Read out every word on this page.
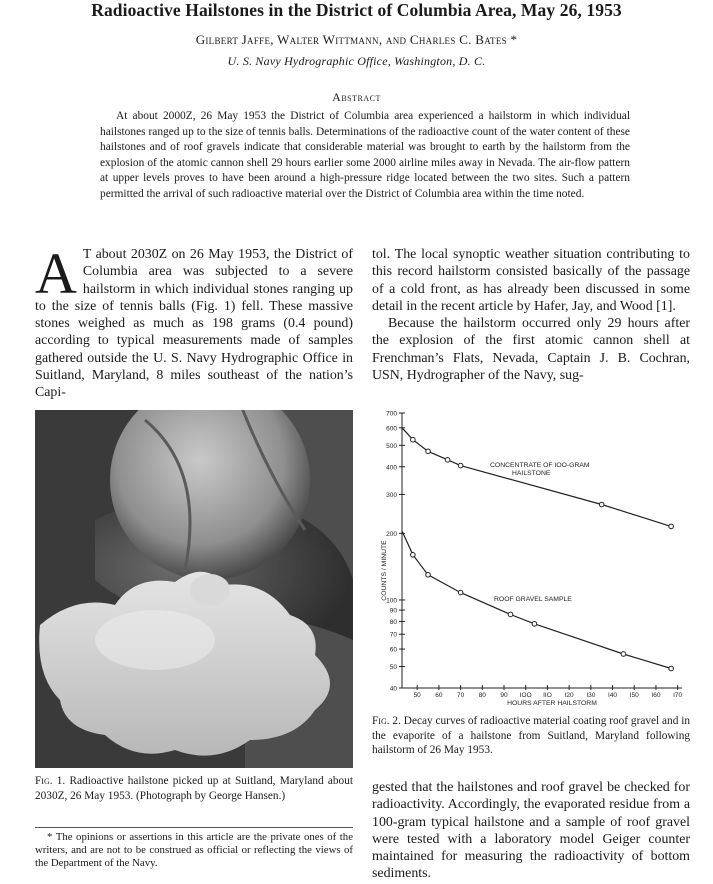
Radioactive Hailstones in the District of Columbia Area, May 26, 1953
Gilbert Jaffe, Walter Wittmann, and Charles C. Bates *
U. S. Navy Hydrographic Office, Washington, D. C.
Abstract

At about 2000Z, 26 May 1953 the District of Columbia area experienced a hailstorm in which individual hailstones ranged up to the size of tennis balls. Determinations of the radioactive count of the water content of these hailstones and of roof gravels indicate that considerable material was brought to earth by the hailstorm from the explosion of the atomic cannon shell 29 hours earlier some 2000 airline miles away in Nevada. The air-flow pattern at upper levels proves to have been around a high-pressure ridge located between the two sites. Such a pattern permitted the arrival of such radioactive material over the District of Columbia area within the time noted.

A T about 2030Z on 26 May 1953, the District of Columbia area was subjected to a severe hailstorm in which individual stones ranging up to the size of tennis balls (Fig. 1) fell. These massive stones weighed as much as 198 grams (0.4 pound) according to typical measurements made of samples gathered outside the U. S. Navy Hydrographic Office in Suitland, Maryland, 8 miles southeast of the nation’s Capi-

tol. The local synoptic weather situation contributing to this record hailstorm consisted basically of the passage of a cold front, as has already been discussed in some detail in the recent article by Hafer, Jay, and Wood [1].

Because the hailstorm occurred only 29 hours after the explosion of the first atomic cannon shell at Frenchman’s Flats, Nevada, Captain J. B. Cochran, USN, Hydrographer of the Navy, sug-

Fig. 1. Radioactive hailstone picked up at Suitland, Maryland about 2030Z, 26 May 1953. (Photograph by George Hansen.)

* The opinions or assertions in this article are the private ones of the writers, and are not to be construed as official or reflecting the views of the Department of the Navy.

40
50
60
70
80
90
100
200
300
400
500
600
700
50 60 70 80 90 IOO IIO I20 I30 I40 I50 I60 I70
HOURS AFTER HAILSTORM
COUNTS / MINUTE
CONCENTRATE OF IOO-GRAM
HAILSTONE
ROOF GRAVEL SAMPLE

Fig. 2. Decay curves of radioactive material coating roof gravel and in the evaporite of a hailstone from Suitland, Maryland following hailstorm of 26 May 1953.

gested that the hailstones and roof gravel be checked for radioactivity. Accordingly, the evaporated residue from a 100-gram typical hailstone and a sample of roof gravel were tested with a laboratory model Geiger counter maintained for measuring the radioactivity of bottom sediments.
